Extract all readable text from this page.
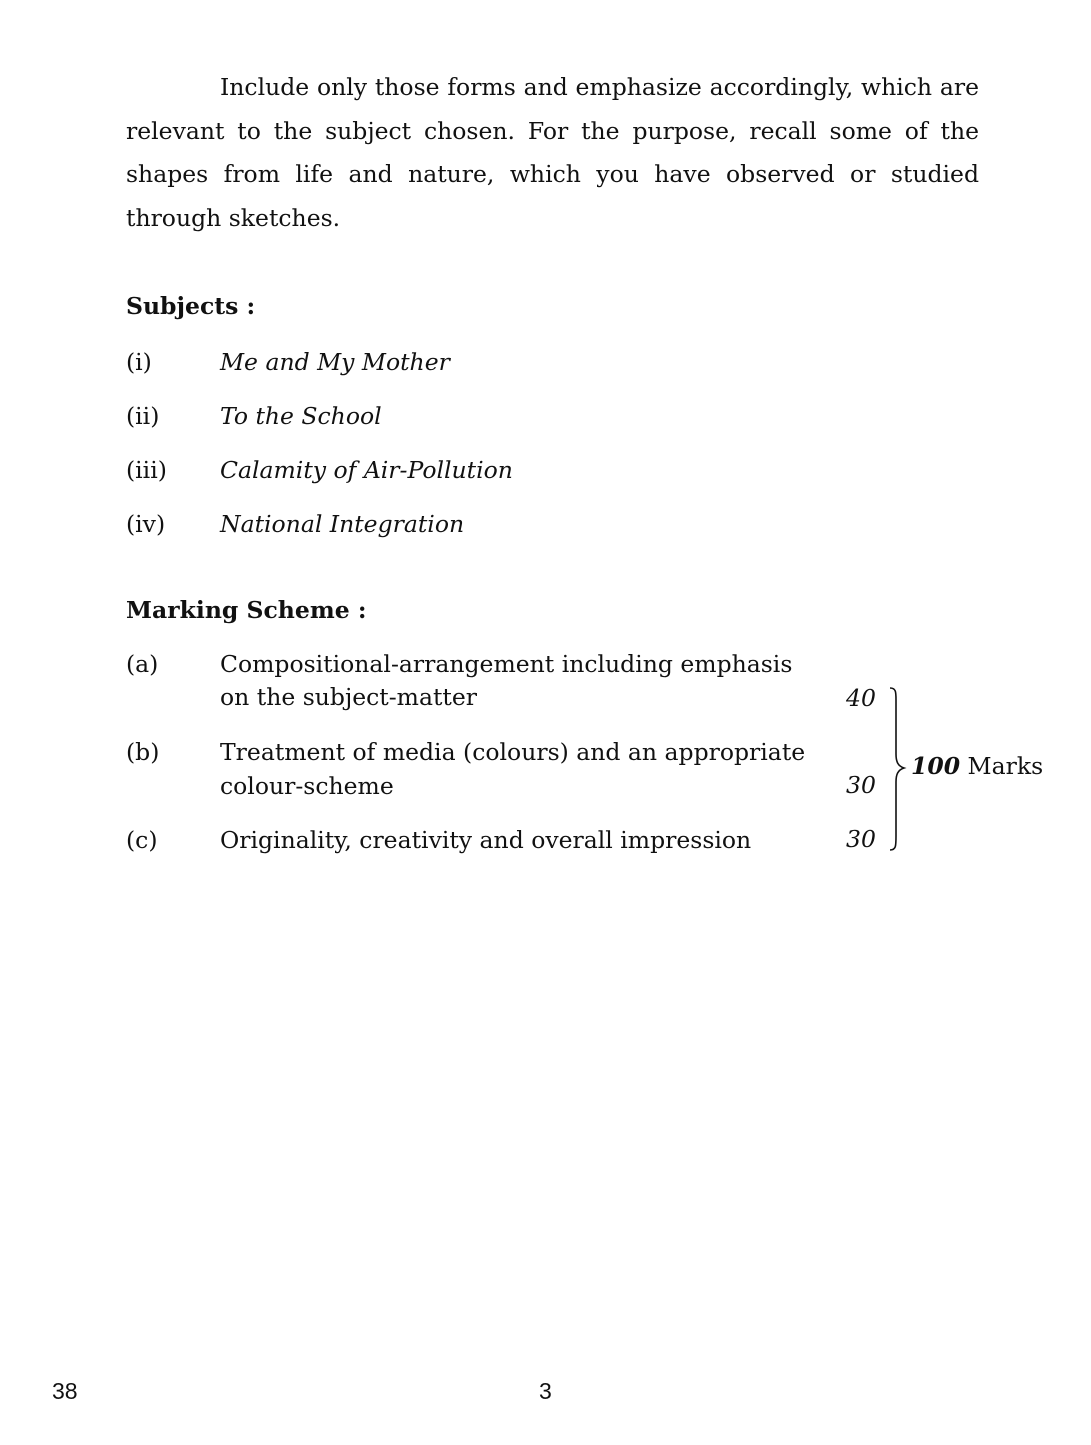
Include only those forms and emphasize accordingly, which are relevant to the subject chosen. For the purpose, recall some of the shapes from life and nature, which you have observed or studied through sketches.

Subjects :
(i)	Me and My Mother
(ii)	To the School
(iii) Calamity of Air-Pollution
(iv) National Integration
Marking Scheme :
(a)	Compositional-arrangement including emphasis
on the subject-matter	40
(b)	Treatment of media (colours) and an appropriate
colour-scheme	30
(c)	Originality, creativity and overall impression	30
100 Marks
38	3
